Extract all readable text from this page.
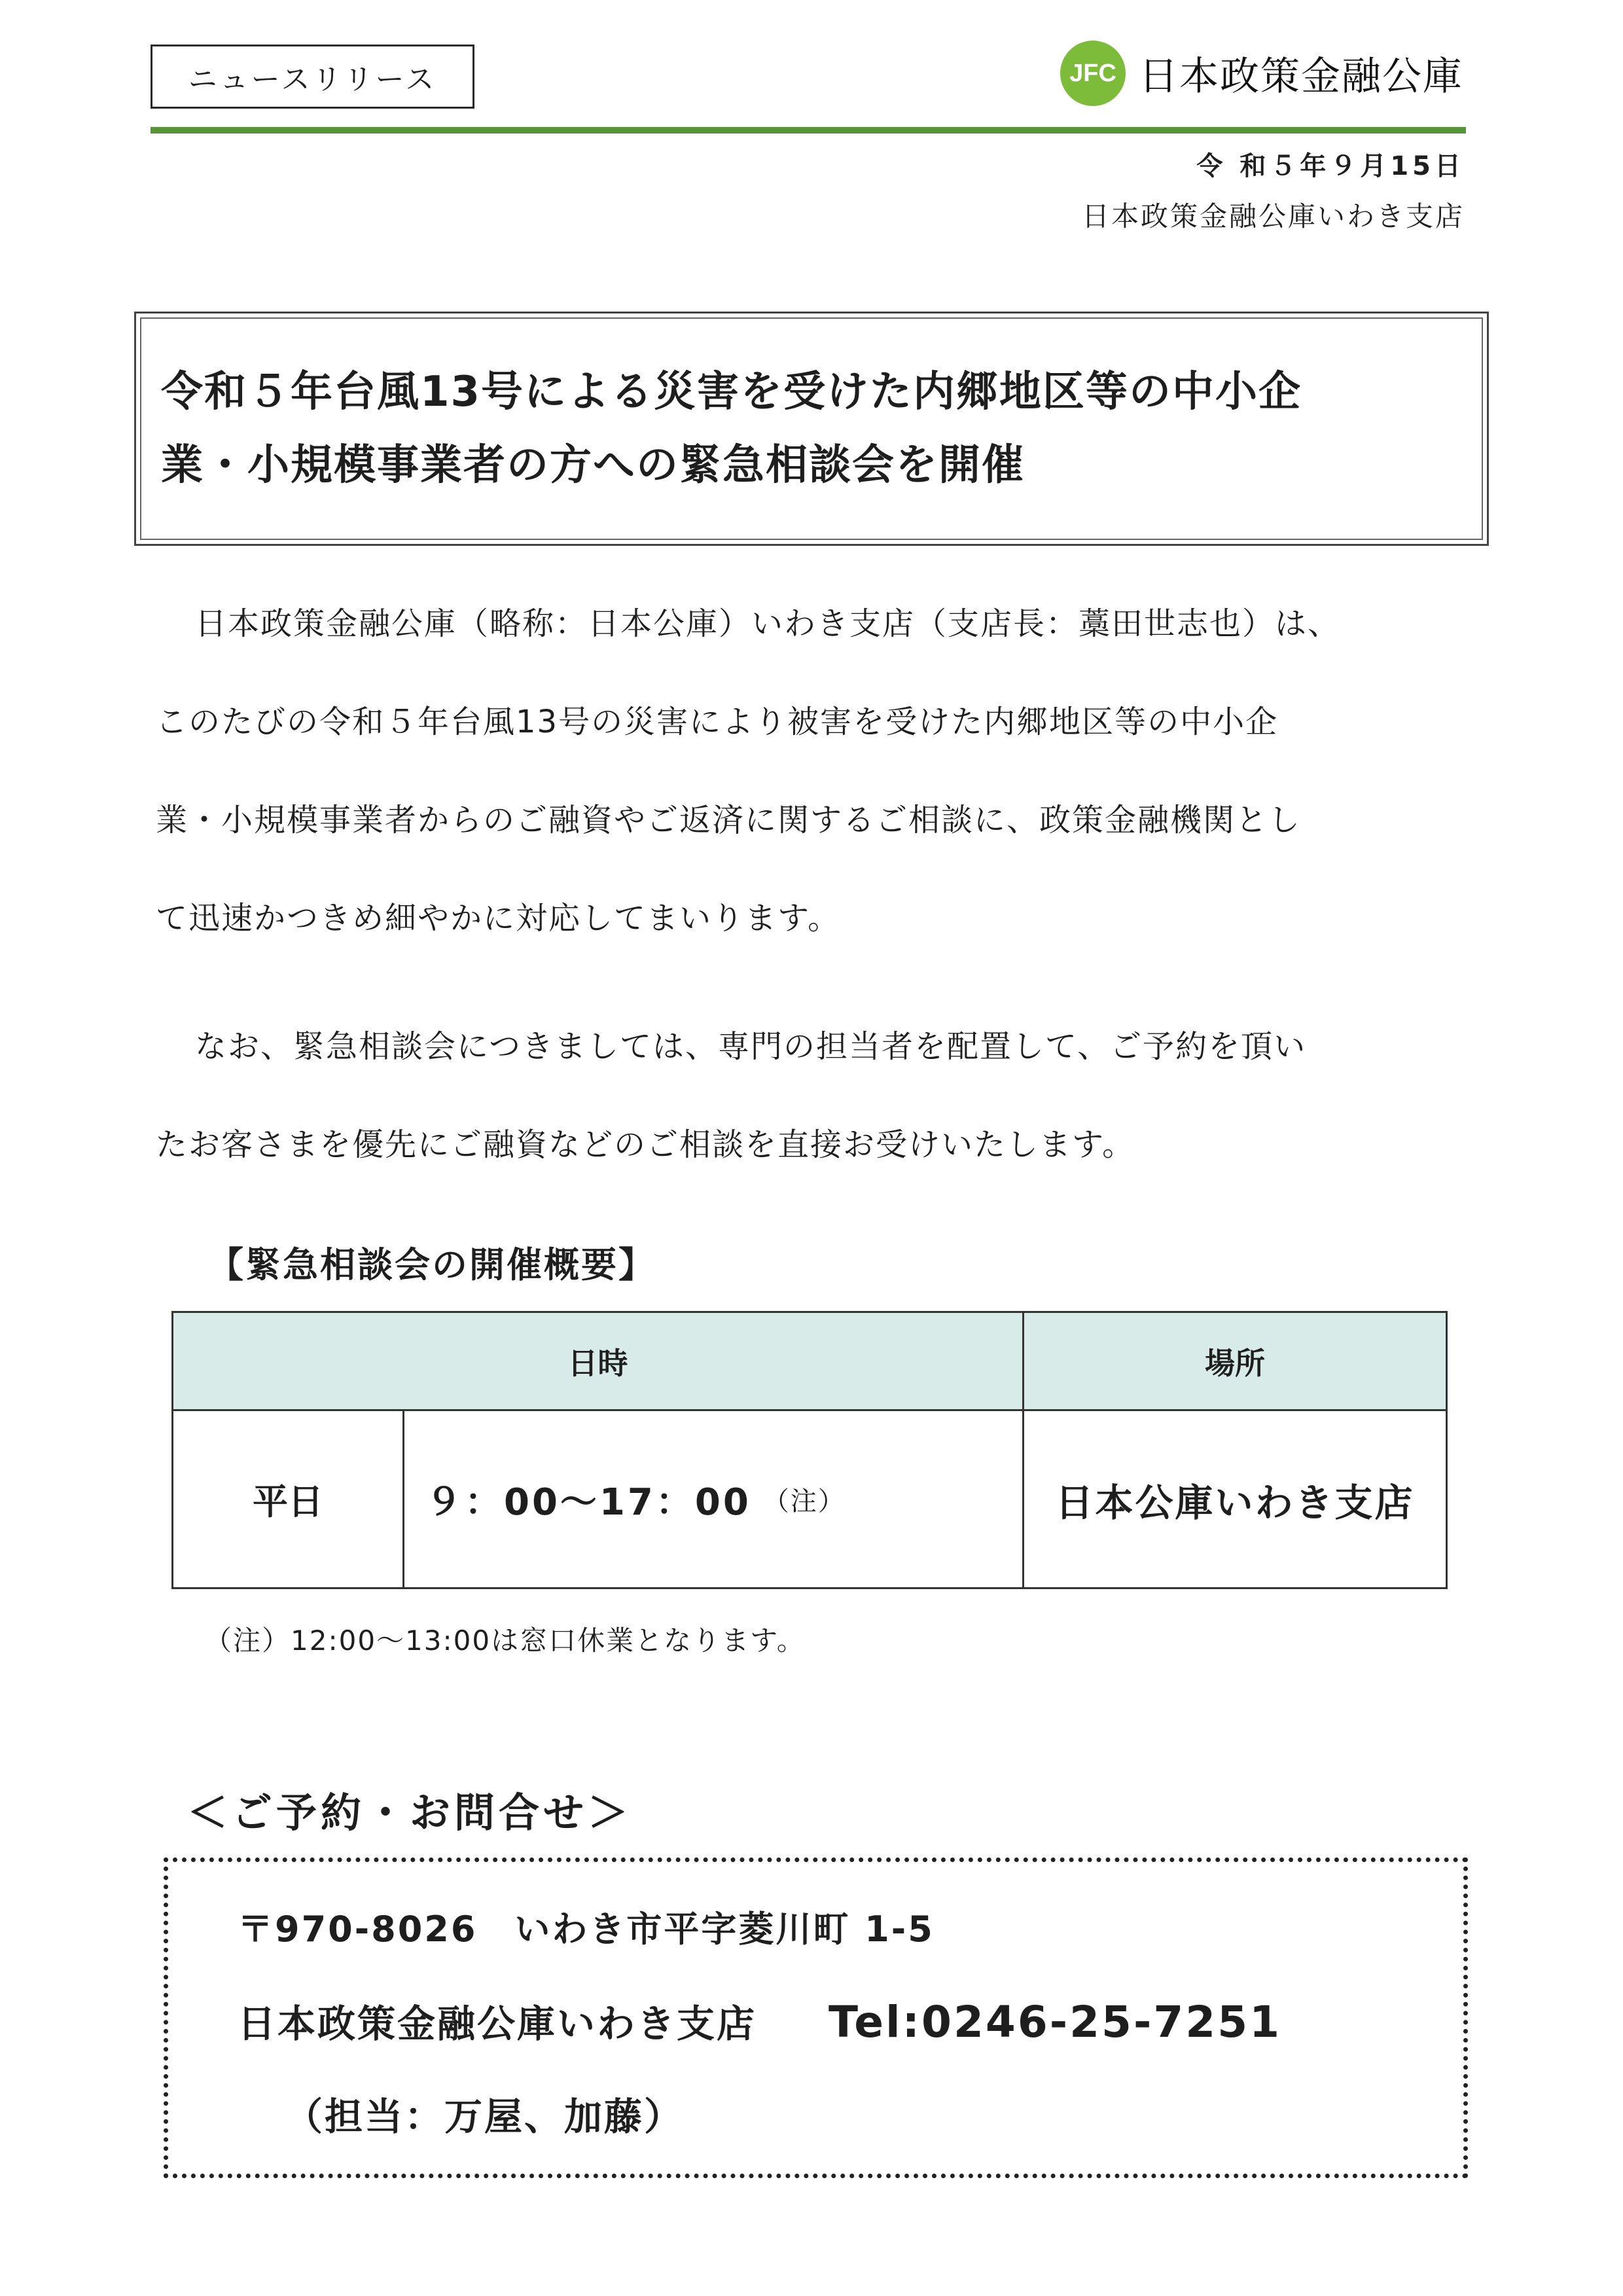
ニュースリリース	JFC 日本政策金融公庫
令 和５年９月15日
日本政策金融公庫いわき支店
令和５年台風13号による災害を受けた内郷地区等の中小企
業・小規模事業者の方への緊急相談会を開催
日本政策金融公庫（略称：日本公庫）いわき支店（支店長：藁田世志也）は、
このたびの令和５年台風13号の災害により被害を受けた内郷地区等の中小企
業・小規模事業者からのご融資やご返済に関するご相談に、政策金融機関とし
て迅速かつきめ細やかに対応してまいります。
なお、緊急相談会につきましては、専門の担当者を配置して、ご予約を頂い
たお客さまを優先にご融資などのご相談を直接お受けいたします。
【緊急相談会の開催概要】
日時	場所
平日	９：00～17：00 （注）	日本公庫いわき支店
（注）12:00～13:00は窓口休業となります。
＜ご予約・お問合せ＞
〒970-8026　いわき市平字菱川町 1-5
日本政策金融公庫いわき支店 Tel:0246-25-7251
（担当：万屋、加藤）
